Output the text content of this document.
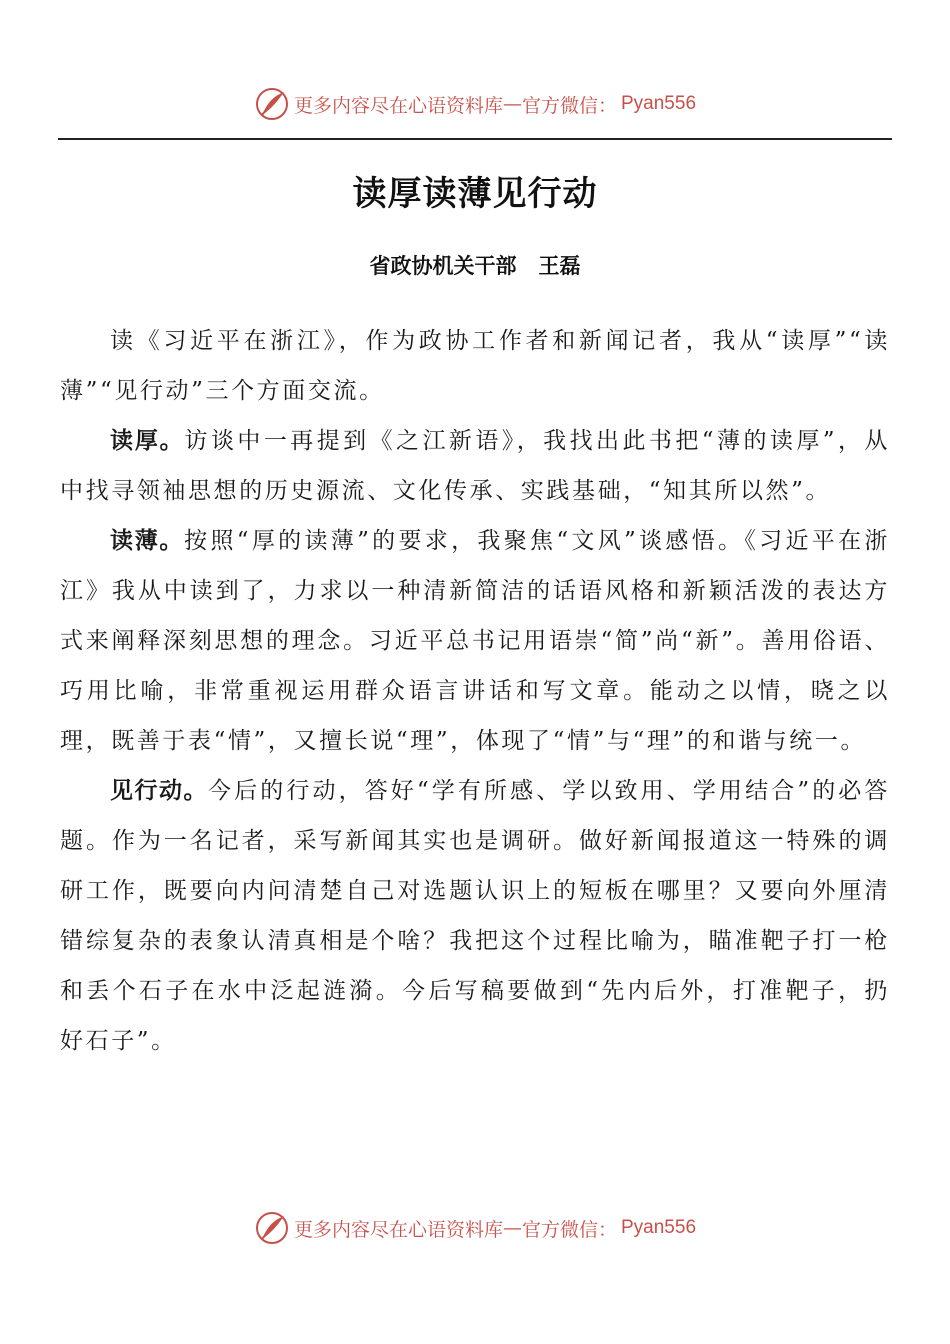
更多内容尽在心语资料库 — 官方微信： Pyan556
读厚读薄见行动
省政协机关干部   王磊

读《习近平在浙江》，作为政协工作者和新闻记者，我从“读厚”“读薄”“见行动”三个方面交流。

读厚。访谈中一再提到《之江新语》，我找出此书把“薄的读厚”，从中找寻领袖思想的历史源流、文化传承、实践基础，“知其所以然”。

读薄。按照“厚的读薄”的要求，我聚焦“文风”谈感悟。《习近平在浙江》我从中读到了，力求以一种清新简洁的话语风格和新颖活泼的表达方式来阐释深刻思想的理念。习近平总书记用语崇“简”尚“新”。善用俗语、巧用比喻，非常重视运用群众语言讲话和写文章。能动之以情，晓之以理，既善于表“情”，又擅长说“理”，体现了“情”与“理”的和谐与统一。

见行动。今后的行动，答好“学有所感、学以致用、学用结合”的必答题。作为一名记者，采写新闻其实也是调研。做好新闻报道这一特殊的调研工作，既要向内问清楚自己对选题认识上的短板在哪里？又要向外厘清错综复杂的表象认清真相是个啥？我把这个过程比喻为，瞄准靶子打一枪和丢个石子在水中泛起涟漪。今后写稿要做到“先内后外，打准靶子，扔好石子”。

更多内容尽在心语资料库 — 官方微信： Pyan556
